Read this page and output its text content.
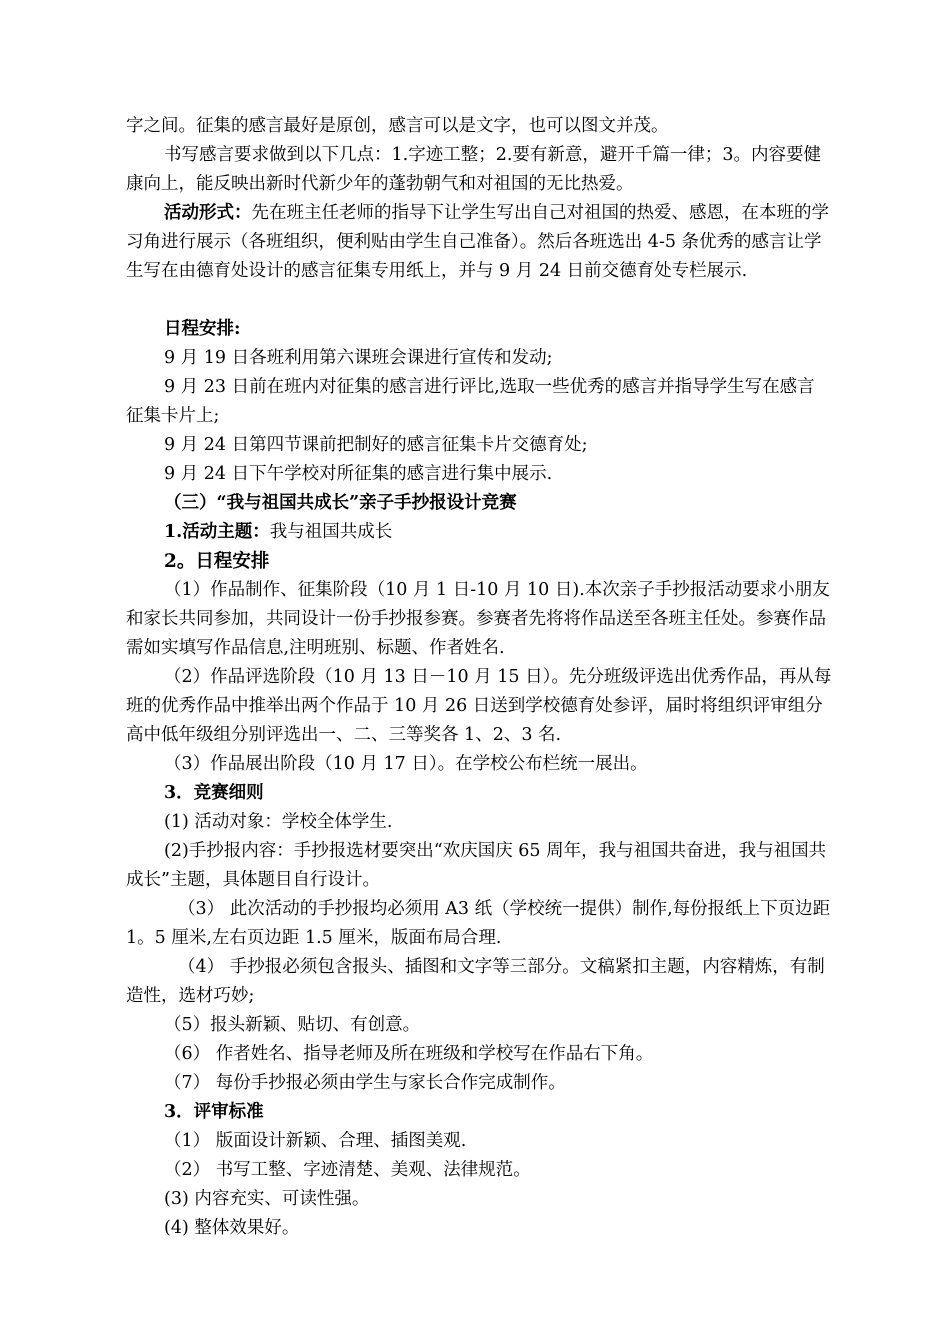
字之间。征集的感言最好是原创，感言可以是文字，也可以图文并茂。

书写感言要求做到以下几点：1.字迹工整；2.要有新意，避开千篇一律；3。内容要健康向上，能反映出新时代新少年的蓬勃朝气和对祖国的无比热爱。

活动形式：先在班主任老师的指导下让学生写出自己对祖国的热爱、感恩，在本班的学习角进行展示（各班组织，便利贴由学生自己准备）。然后各班选出 4-5 条优秀的感言让学生写在由德育处设计的感言征集专用纸上，并与 9 月 24 日前交德育处专栏展示.

日程安排:

9 月 19 日各班利用第六课班会课进行宣传和发动;

9 月 23 日前在班内对征集的感言进行评比,选取一些优秀的感言并指导学生写在感言征集卡片上;

9 月 24 日第四节课前把制好的感言征集卡片交德育处;

9 月 24 日下午学校对所征集的感言进行集中展示.

（三）“我与祖国共成长”亲子手抄报设计竞赛

1.活动主题：我与祖国共成长

2。日程安排

（1）作品制作、征集阶段（10 月 1 日-10 月 10 日).本次亲子手抄报活动要求小朋友和家长共同参加，共同设计一份手抄报参赛。参赛者先将将作品送至各班主任处。参赛作品需如实填写作品信息,注明班别、标题、作者姓名.

（2）作品评选阶段（10 月 13 日－10 月 15 日）。先分班级评选出优秀作品，再从每班的优秀作品中推举出两个作品于 10 月 26 日送到学校德育处参评，届时将组织评审组分高中低年级组分别评选出一、二、三等奖各 1、2、3 名.

（3）作品展出阶段（10 月 17 日）。在学校公布栏统一展出。

3．竞赛细则

(1) 活动对象：学校全体学生.

(2)手抄报内容：手抄报选材要突出“欢庆国庆 65 周年，我与祖国共奋进，我与祖国共成长”主题，具体题目自行设计。

（3） 此次活动的手抄报均必须用 A3 纸（学校统一提供）制作,每份报纸上下页边距 1。5 厘米,左右页边距 1.5 厘米，版面布局合理.

（4） 手抄报必须包含报头、插图和文字等三部分。文稿紧扣主题，内容精炼，有制造性，选材巧妙;

（5）报头新颖、贴切、有创意。

（6） 作者姓名、指导老师及所在班级和学校写在作品右下角。

（7） 每份手抄报必须由学生与家长合作完成制作。

3．评审标准

（1） 版面设计新颖、合理、插图美观.

（2） 书写工整、字迹清楚、美观、法律规范。

(3) 内容充实、可读性强。

(4) 整体效果好。
